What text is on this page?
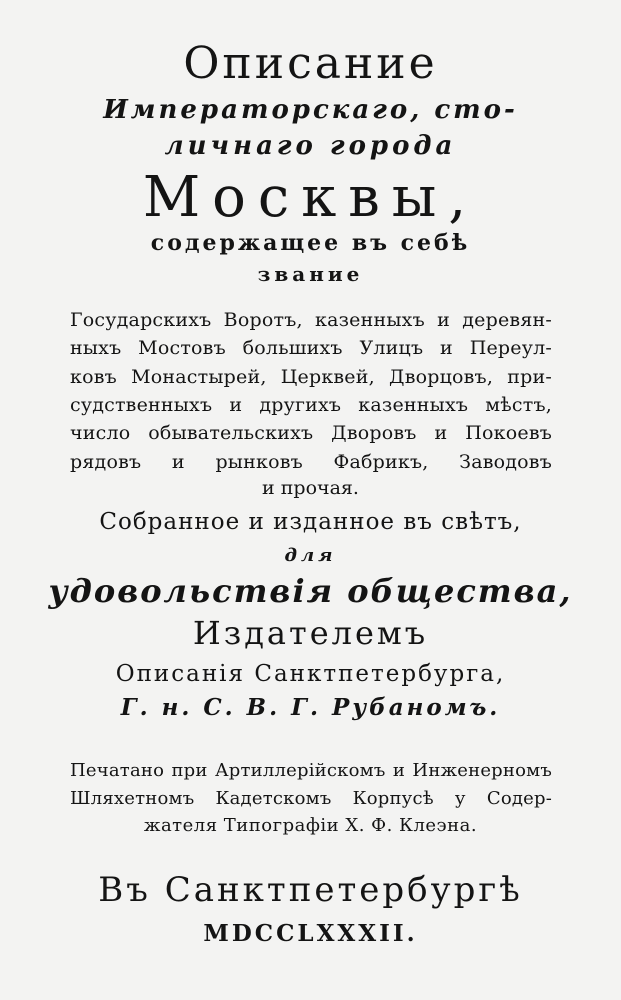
Описание
Императорскаго, сто-
личнаго города
Москвы,
содержащее въ себѣ
звание
Государскихъ Воротъ, казенныхъ и деревян-
ныхъ Мостовъ большихъ Улицъ и Переул-
ковъ Монастырей, Церквей, Дворцовъ, при-
судственныхъ и другихъ казенныхъ мѣстъ,
число обывательскихъ Дворовъ и Покоевъ
рядовъ и рынковъ Фабрикъ, Заводовъ
и прочая.
Собранное и изданное въ свѣтъ,
для
удовольствія общества,
Издателемъ
Описанія Санктпетербурга,
Г. н. С. В. Г. Рубаномъ.
Печатано при Артиллерійскомъ и Инженерномъ
Шляхетномъ Кадетскомъ Корпусѣ у Содер-
жателя Типографіи Х. Ф. Клеэна.
Въ Санктпетербургѣ
MDCCLXXXII.
